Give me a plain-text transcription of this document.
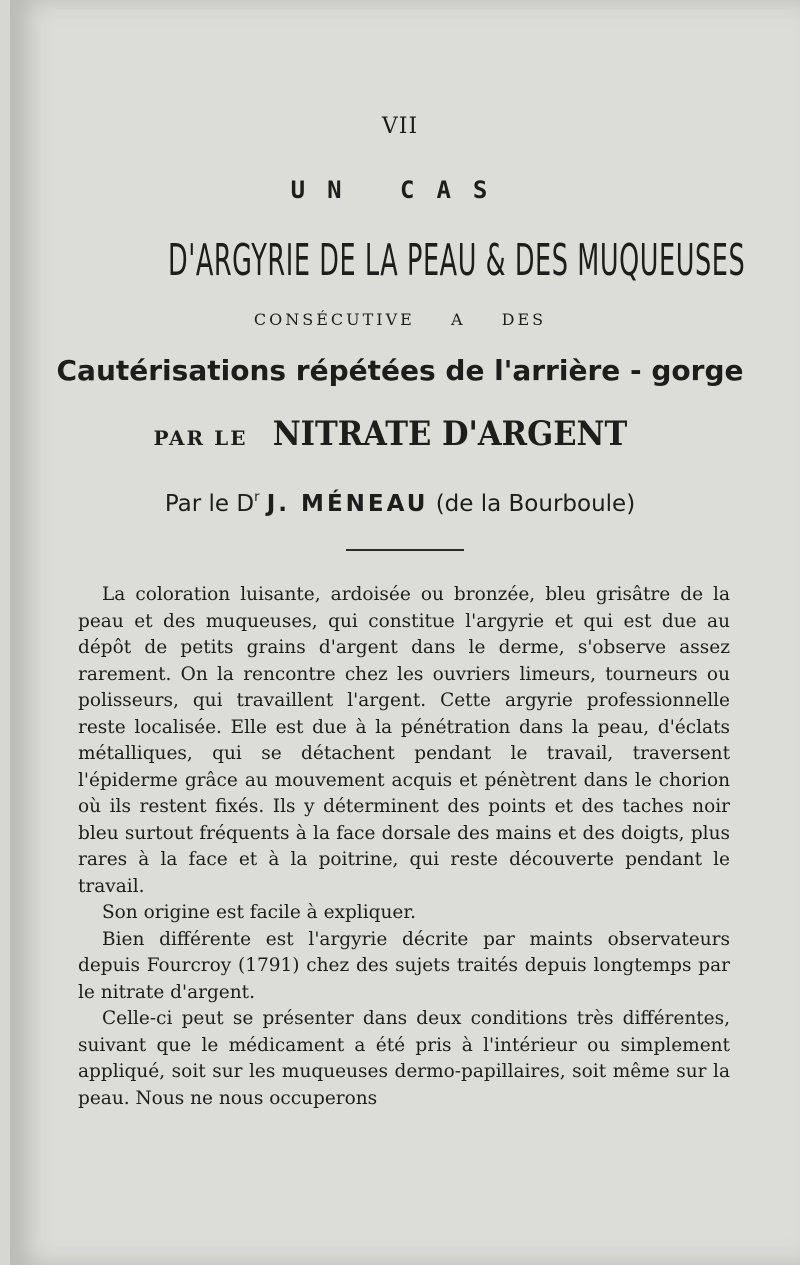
VII
UN CAS
D'ARGYRIE DE LA PEAU & DES MUQUEUSES
CONSÉCUTIVE A DES
Cautérisations répétées de l'arrière - gorge
PAR LE NITRATE D'ARGENT
Par le $D^r$ J. MÉNEAU (de la Bourboule)

La coloration luisante, ardoisée ou bronzée, bleu grisâtre de la peau et des muqueuses, qui constitue l'argyrie et qui est due au dépôt de petits grains d'argent dans le derme, s'observe assez rarement. On la rencontre chez les ouvriers limeurs, tourneurs ou polisseurs, qui travaillent l'argent. Cette argyrie professionnelle reste localisée. Elle est due à la pénétration dans la peau, d'éclats métalliques, qui se détachent pendant le travail, traversent l'épiderme grâce au mouvement acquis et pénètrent dans le chorion où ils restent fixés. Ils y déterminent des points et des taches noir bleu surtout fréquents à la face dorsale des mains et des doigts, plus rares à la face et à la poitrine, qui reste découverte pendant le travail.

Son origine est facile à expliquer.

Bien différente est l'argyrie décrite par maints observateurs depuis Fourcroy (1791) chez des sujets traités depuis longtemps par le nitrate d'argent.

Celle-ci peut se présenter dans deux conditions très différentes, suivant que le médicament a été pris à l'intérieur ou simplement appliqué, soit sur les muqueuses dermo-papillaires, soit même sur la peau. Nous ne nous occuperons
